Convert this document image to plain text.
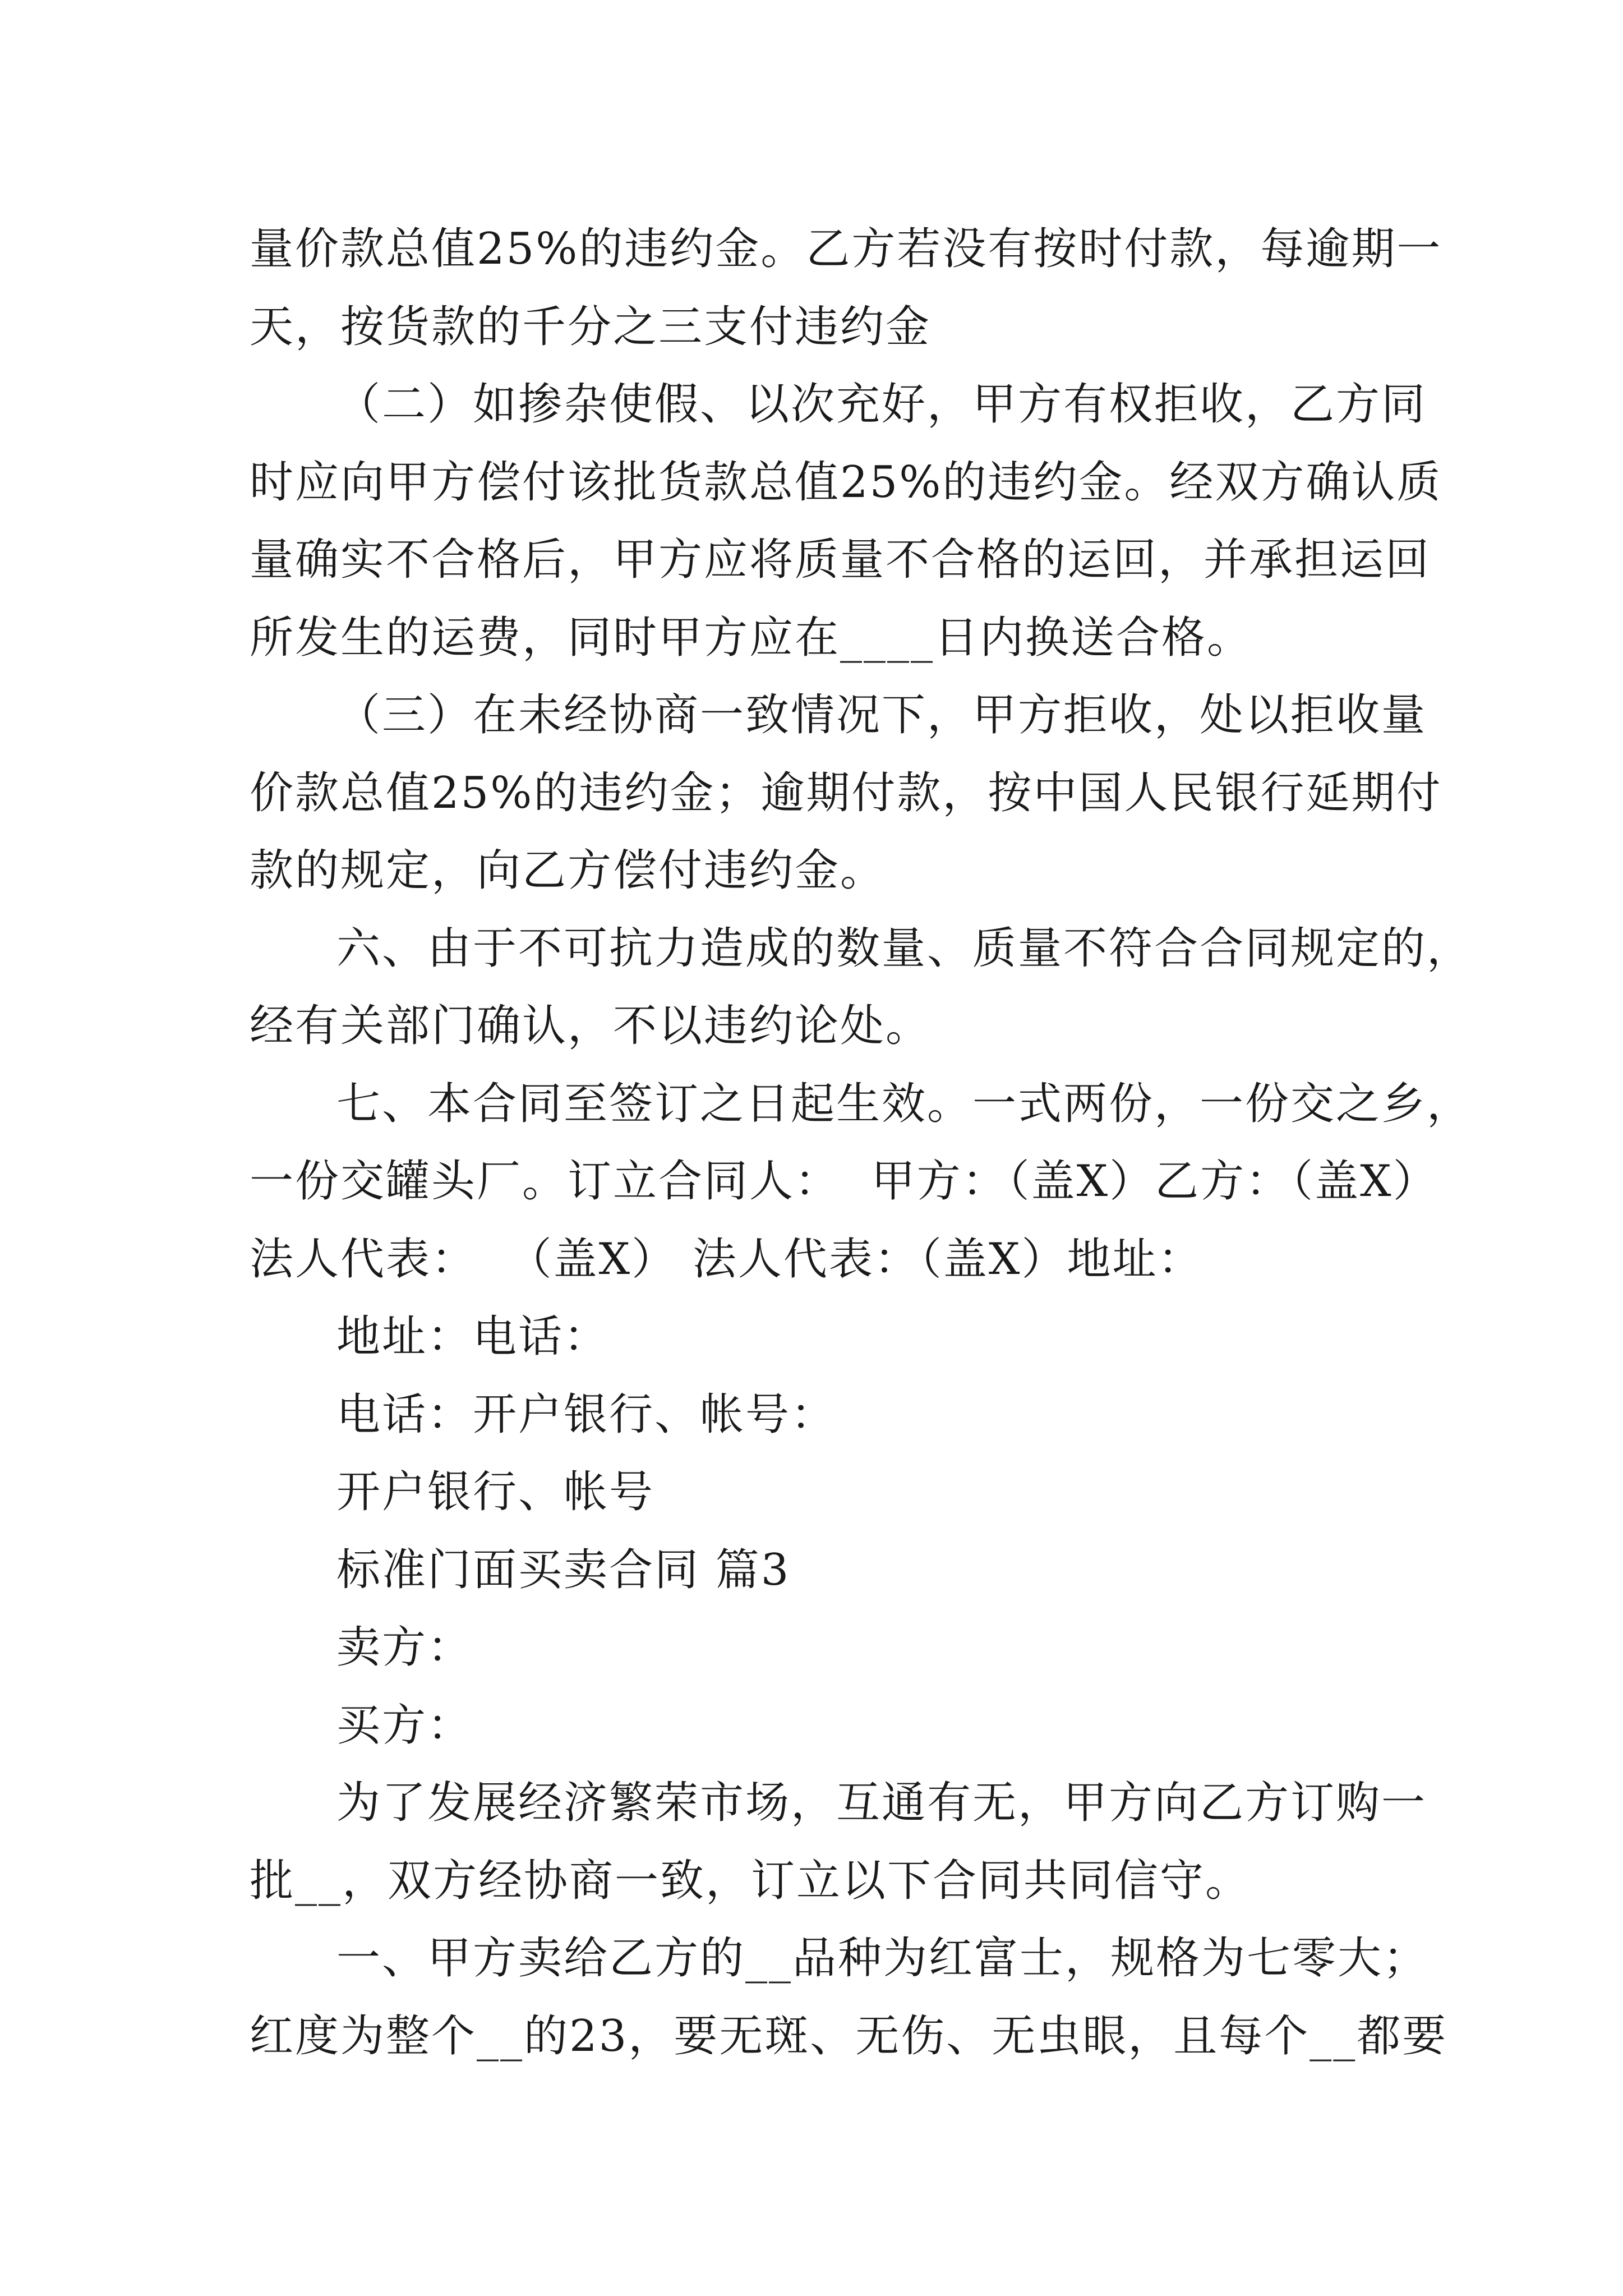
量价款总值25%的违约金。乙方若没有按时付款，每逾期一
天，按货款的千分之三支付违约金
（二）如掺杂使假、以次充好，甲方有权拒收，乙方同
时应向甲方偿付该批货款总值25%的违约金。经双方确认质
量确实不合格后，甲方应将质量不合格的运回，并承担运回
所发生的运费，同时甲方应在____日内换送合格。
（三）在未经协商一致情况下，甲方拒收，处以拒收量
价款总值25%的违约金；逾期付款，按中国人民银行延期付
款的规定，向乙方偿付违约金。
六、由于不可抗力造成的数量、质量不符合合同规定的，
经有关部门确认，不以违约论处。
七、本合同至签订之日起生效。一式两份，一份交之乡，
一份交罐头厂。订立合同人：  甲方：（盖X）乙方：（盖X）
法人代表：  （盖X） 法人代表：（盖X）地址：
地址：电话：
电话：开户银行、帐号：
开户银行、帐号
标准门面买卖合同 篇3
卖方：
买方：
为了发展经济繁荣市场，互通有无，甲方向乙方订购一
批__，双方经协商一致，订立以下合同共同信守。
一、甲方卖给乙方的__品种为红富士，规格为七零大；
红度为整个__的23，要无斑、无伤、无虫眼，且每个__都要
